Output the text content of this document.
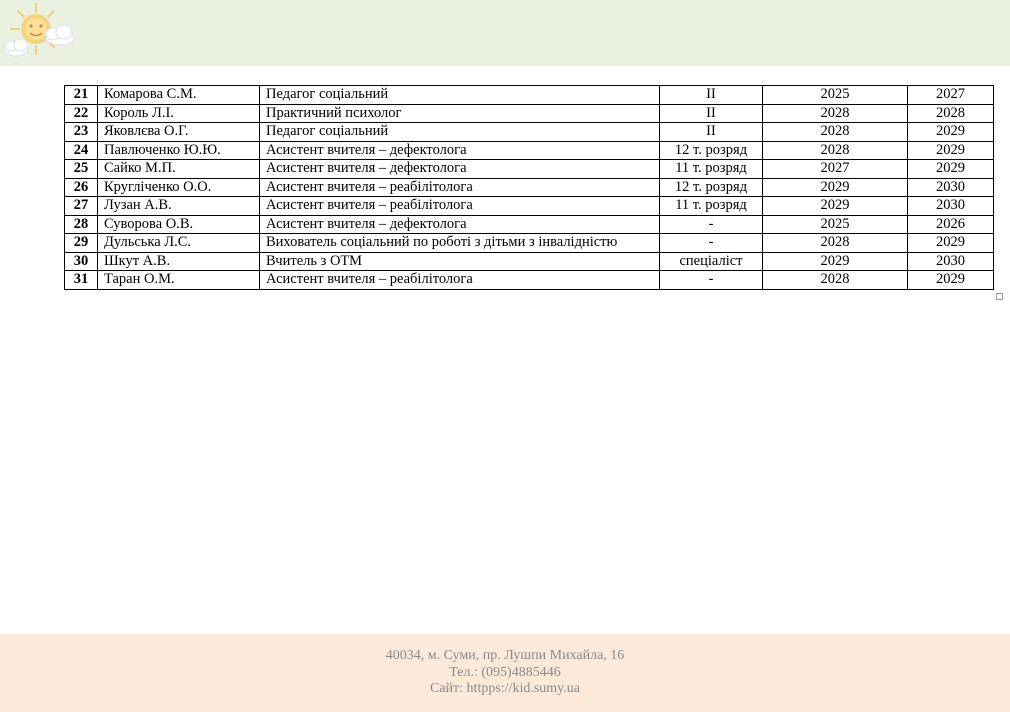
21	Комарова С.М.	Педагог соціальний	ІІ	2025	2027
22	Король Л.І.	Практичний психолог	ІІ	2028	2028
23	Яковлєва О.Г.	Педагог соціальний	ІІ	2028	2029
24	Павлюченко Ю.Ю.	Асистент вчителя – дефектолога	12 т. розряд	2028	2029
25	Сайко М.П.	Асистент вчителя – дефектолога	11 т. розряд	2027	2029
26	Кругліченко О.О.	Асистент вчителя – реабілітолога	12 т. розряд	2029	2030
27	Лузан А.В.	Асистент вчителя – реабілітолога	11 т. розряд	2029	2030
28	Суворова О.В.	Асистент вчителя – дефектолога	-	2025	2026
29	Дульська Л.С.	Вихователь соціальний по роботі з дітьми з інвалідністю	-	2028	2029
30	Шкут А.В.	Вчитель з ОТМ	спеціаліст	2029	2030
31	Таран О.М.	Асистент вчителя – реабілітолога	-	2028	2029
40034, м. Суми, пр. Лушпи Михайла, 16
Тел.: (095)4885446
Сайт: httpps://kid.sumy.ua
